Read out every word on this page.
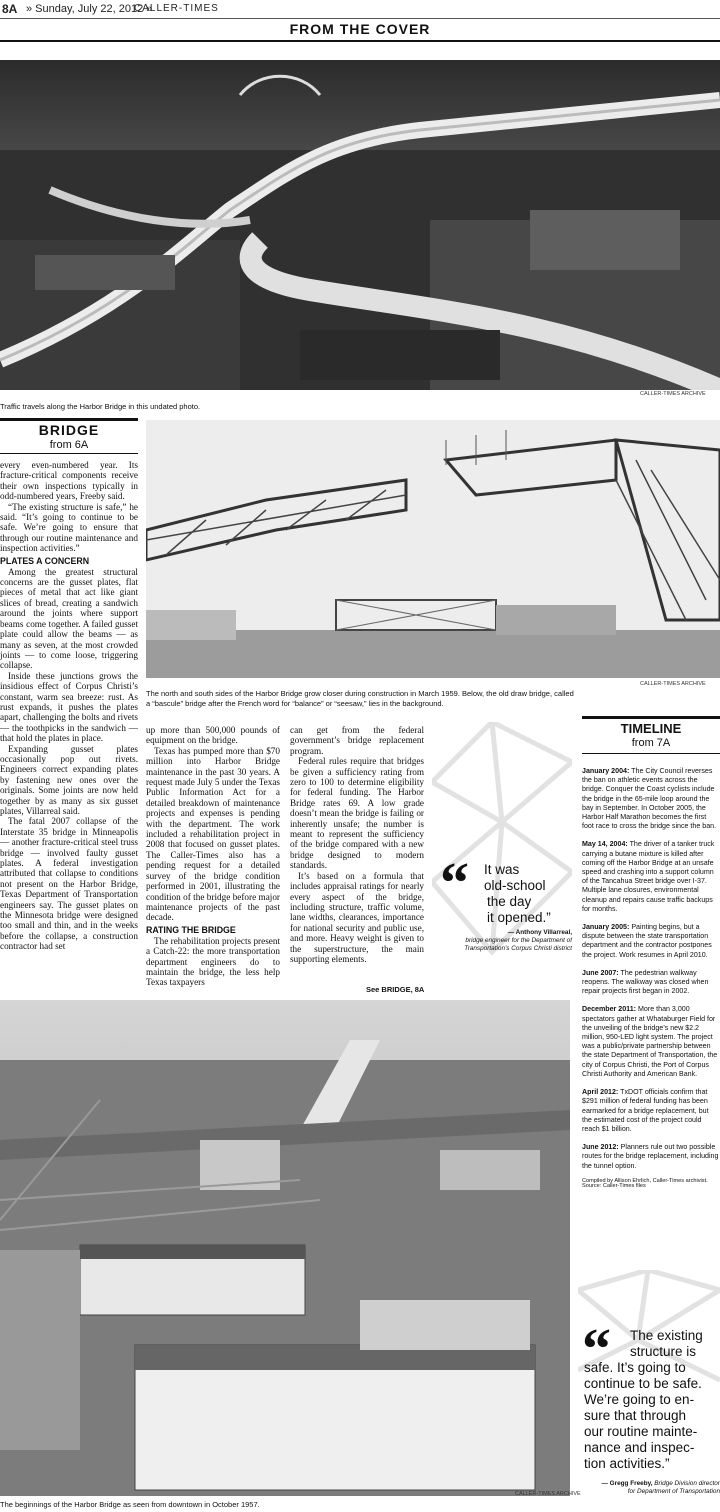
8A » Sunday, July 22, 2012 »
CALLER-TIMES
FROM THE COVER
CALLER-TIMES ARCHIVE
Traffic travels along the Harbor Bridge in this undated photo.
BRIDGE
from 6A
CALLER-TIMES ARCHIVE
The north and south sides of the Harbor Bridge grow closer during construction in March 1959. Below, the old draw bridge, called a “bascule” bridge after the French word for “balance” or “seesaw,” lies in the background.

every even-numbered year. Its fracture-critical components receive their own inspections typically in odd-numbered years, Freeby said.

“The existing structure is safe,” he said. “It’s going to continue to be safe. We’re going to ensure that through our routine maintenance and inspection activities.”

PLATES A CONCERN

Among the greatest structural concerns are the gusset plates, flat pieces of metal that act like giant slices of bread, creating a sandwich around the joints where support beams come together. A failed gusset plate could allow the beams — as many as seven, at the most crowded joints — to come loose, triggering collapse.

Inside these junctions grows the insidious effect of Corpus Christi’s constant, warm sea breeze: rust. As rust expands, it pushes the plates apart, challenging the bolts and rivets — the toothpicks in the sandwich — that hold the plates in place.

Expanding gusset plates occasionally pop out rivets. Engineers correct expanding plates by fastening new ones over the originals. Some joints are now held together by as many as six gusset plates, Villarreal said.

The fatal 2007 collapse of the Interstate 35 bridge in Minneapolis — another fracture-critical steel truss bridge — involved faulty gusset plates. A federal investigation attributed that collapse to conditions not present on the Harbor Bridge, Texas Department of Transportation engineers say. The gusset plates on the Minnesota bridge were designed too small and thin, and in the weeks before the collapse, a construction contractor had set

up more than 500,000 pounds of equipment on the bridge.

Texas has pumped more than $70 million into Harbor Bridge maintenance in the past 30 years. A request made July 5 under the Texas Public Information Act for a detailed breakdown of maintenance projects and expenses is pending with the department. The work included a rehabilitation project in 2008 that focused on gusset plates. The Caller-Times also has a pending request for a detailed survey of the bridge condition performed in 2001, illustrating the condition of the bridge before major maintenance projects of the past decade.

RATING THE BRIDGE

The rehabilitation projects present a Catch-22: the more transportation department engineers do to maintain the bridge, the less help Texas taxpayers

can get from the federal government’s bridge replacement program.

Federal rules require that bridges be given a sufficiency rating from zero to 100 to determine eligibility for federal funding. The Harbor Bridge rates 69. A low grade doesn’t mean the bridge is failing or inherently unsafe; the number is meant to represent the sufficiency of the bridge compared with a new bridge designed to modern standards.

It’s based on a formula that includes appraisal ratings for nearly every aspect of the bridge, including structure, traffic volume, lane widths, clearances, importance for national security and public use, and more. Heavy weight is given to the superstructure, the main supporting elements.

See BRIDGE, 8A
“ It was
old-school
the day
it opened.”
— Anthony Villarreal,
bridge engineer for the Department of Transportation’s Corpus Christi district
TIMELINE
from 7A
January 2004: The City Council reverses the ban on athletic events across the bridge. Conquer the Coast cyclists include the bridge in the 65-mile loop around the bay in September. In October 2005, the Harbor Half Marathon becomes the first foot race to cross the bridge since the ban.
May 14, 2004: The driver of a tanker truck carrying a butane mixture is killed after coming off the Harbor Bridge at an unsafe speed and crashing into a support column of the Tancahua Street bridge over I-37. Multiple lane closures, environmental cleanup and repairs cause traffic backups for months.
January 2005: Painting begins, but a dispute between the state transportation department and the contractor postpones the project. Work resumes in April 2010.
June 2007: The pedestrian walkway reopens. The walkway was closed when repair projects first began in 2002.
December 2011: More than 3,000 spectators gather at Whataburger Field for the unveiling of the bridge’s new $2.2 million, 950-LED light system. The project was a public/private partnership between the state Department of Transportation, the city of Corpus Christi, the Port of Corpus Christi Authority and American Bank.
April 2012: TxDOT officials confirm that $291 million of federal funding has been earmarked for a bridge replacement, but the estimated cost of the project could reach $1 billion.
June 2012: Planners rule out two possible routes for the bridge replacement, including the tunnel option.
Compiled by Allison Ehrlich, Caller-Times archivist.
Source: Caller-Times files
CALLER-TIMES ARCHIVE
The beginnings of the Harbor Bridge as seen from downtown in October 1957.
“	The existing
structure is
safe. It’s going to
continue to be safe.
We’re going to en-
sure that through
our routine mainte-
nance and inspec-
tion activities.”
— Gregg Freeby, Bridge Division director
for Department of Transportation
